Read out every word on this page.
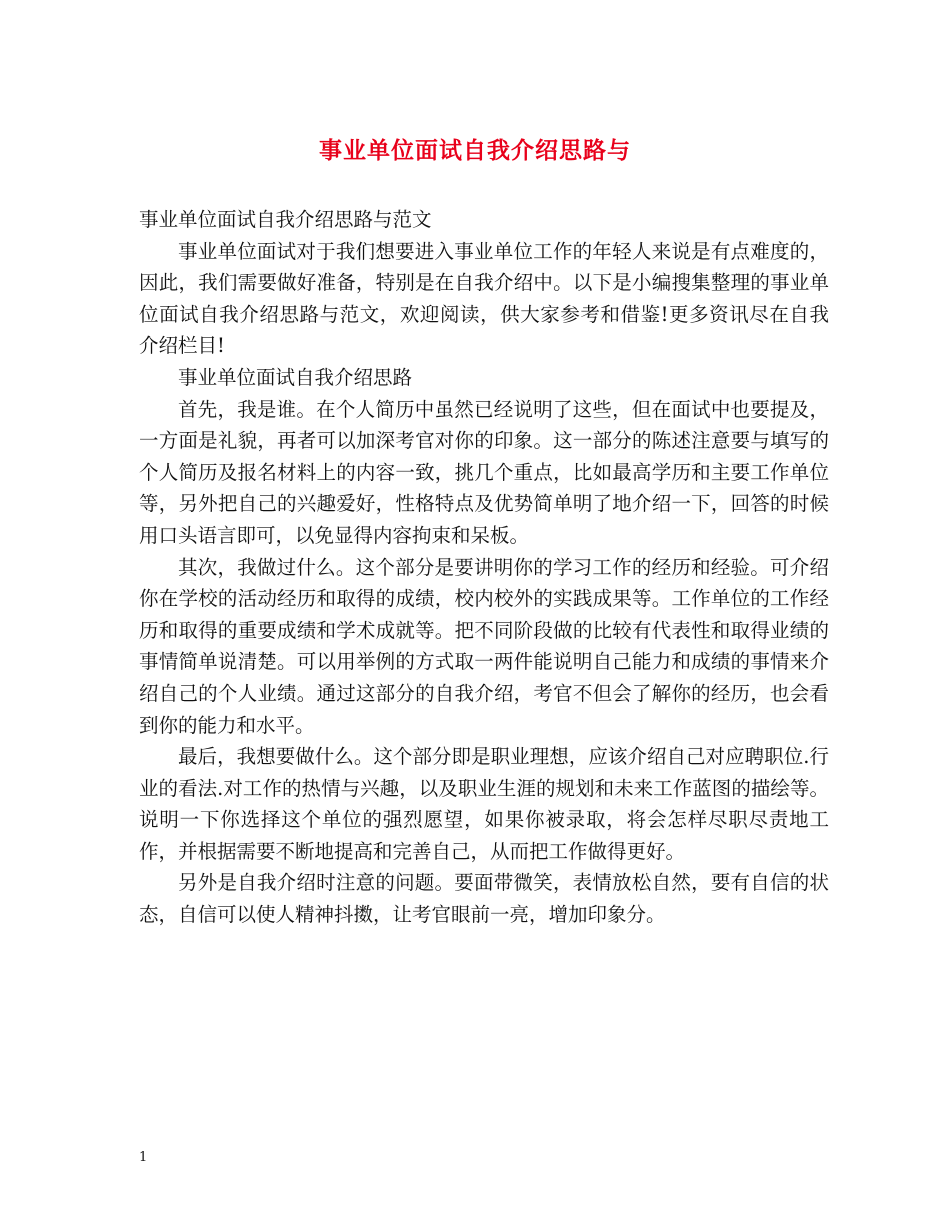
事业单位面试自我介绍思路与

事业单位面试自我介绍思路与范文

事业单位面试对于我们想要进入事业单位工作的年轻人来说是有点难度的，因此，我们需要做好准备，特别是在自我介绍中。以下是小编搜集整理的事业单位面试自我介绍思路与范文，欢迎阅读，供大家参考和借鉴!更多资讯尽在自我介绍栏目!

事业单位面试自我介绍思路

首先，我是谁。在个人简历中虽然已经说明了这些，但在面试中也要提及，一方面是礼貌，再者可以加深考官对你的印象。这一部分的陈述注意要与填写的个人简历及报名材料上的内容一致，挑几个重点，比如最高学历和主要工作单位等，另外把自己的兴趣爱好，性格特点及优势简单明了地介绍一下，回答的时候用口头语言即可，以免显得内容拘束和呆板。

其次，我做过什么。这个部分是要讲明你的学习工作的经历和经验。可介绍你在学校的活动经历和取得的成绩，校内校外的实践成果等。工作单位的工作经历和取得的重要成绩和学术成就等。把不同阶段做的比较有代表性和取得业绩的事情简单说清楚。可以用举例的方式取一两件能说明自己能力和成绩的事情来介绍自己的个人业绩。通过这部分的自我介绍，考官不但会了解你的经历，也会看到你的能力和水平。

最后，我想要做什么。这个部分即是职业理想，应该介绍自己对应聘职位.行业的看法.对工作的热情与兴趣，以及职业生涯的规划和未来工作蓝图的描绘等。说明一下你选择这个单位的强烈愿望，如果你被录取，将会怎样尽职尽责地工作，并根据需要不断地提高和完善自己，从而把工作做得更好。

另外是自我介绍时注意的问题。要面带微笑，表情放松自然，要有自信的状态，自信可以使人精神抖擞，让考官眼前一亮，增加印象分。

1
